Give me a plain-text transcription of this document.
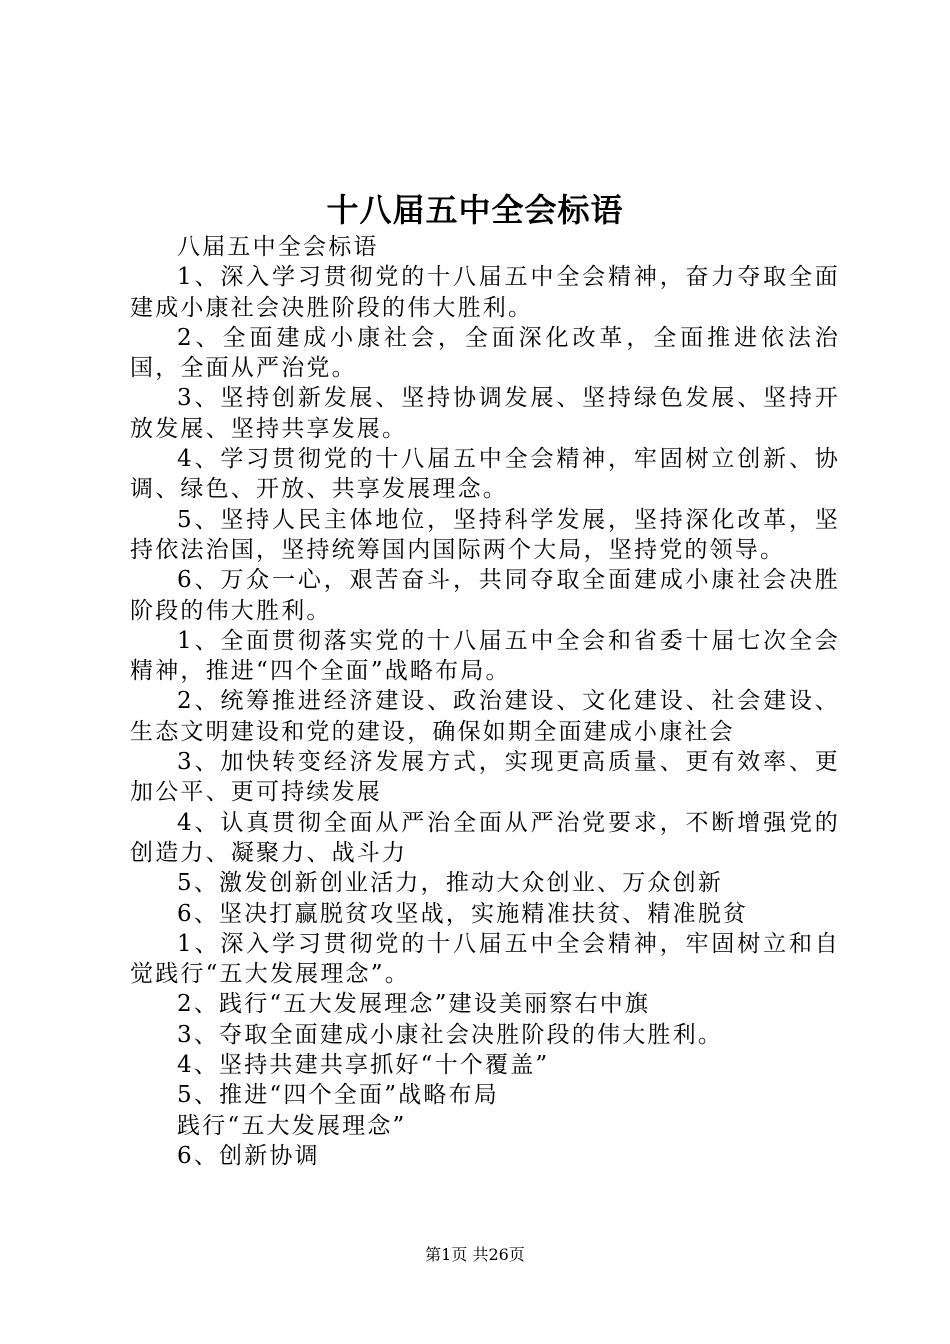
十八届五中全会标语

八届五中全会标语

1、深入学习贯彻党的十八届五中全会精神，奋力夺取全面建成小康社会决胜阶段的伟大胜利。

2、全面建成小康社会，全面深化改革，全面推进依法治国，全面从严治党。

3、坚持创新发展、坚持协调发展、坚持绿色发展、坚持开放发展、坚持共享发展。

4、学习贯彻党的十八届五中全会精神，牢固树立创新、协调、绿色、开放、共享发展理念。

5、坚持人民主体地位，坚持科学发展，坚持深化改革，坚持依法治国，坚持统筹国内国际两个大局，坚持党的领导。

6、万众一心，艰苦奋斗，共同夺取全面建成小康社会决胜阶段的伟大胜利。

1、全面贯彻落实党的十八届五中全会和省委十届七次全会精神，推进“四个全面”战略布局。

2、统筹推进经济建设、政治建设、文化建设、社会建设、生态文明建设和党的建设，确保如期全面建成小康社会

3、加快转变经济发展方式，实现更高质量、更有效率、更加公平、更可持续发展

4、认真贯彻全面从严治全面从严治党要求，不断增强党的创造力、凝聚力、战斗力

5、激发创新创业活力，推动大众创业、万众创新

6、坚决打赢脱贫攻坚战，实施精准扶贫、精准脱贫

1、深入学习贯彻党的十八届五中全会精神，牢固树立和自觉践行“五大发展理念”。

2、践行“五大发展理念”建设美丽察右中旗

3、夺取全面建成小康社会决胜阶段的伟大胜利。

4、坚持共建共享抓好“十个覆盖”

5、推进“四个全面”战略布局

践行“五大发展理念”

6、创新协调

第1页 共26页
